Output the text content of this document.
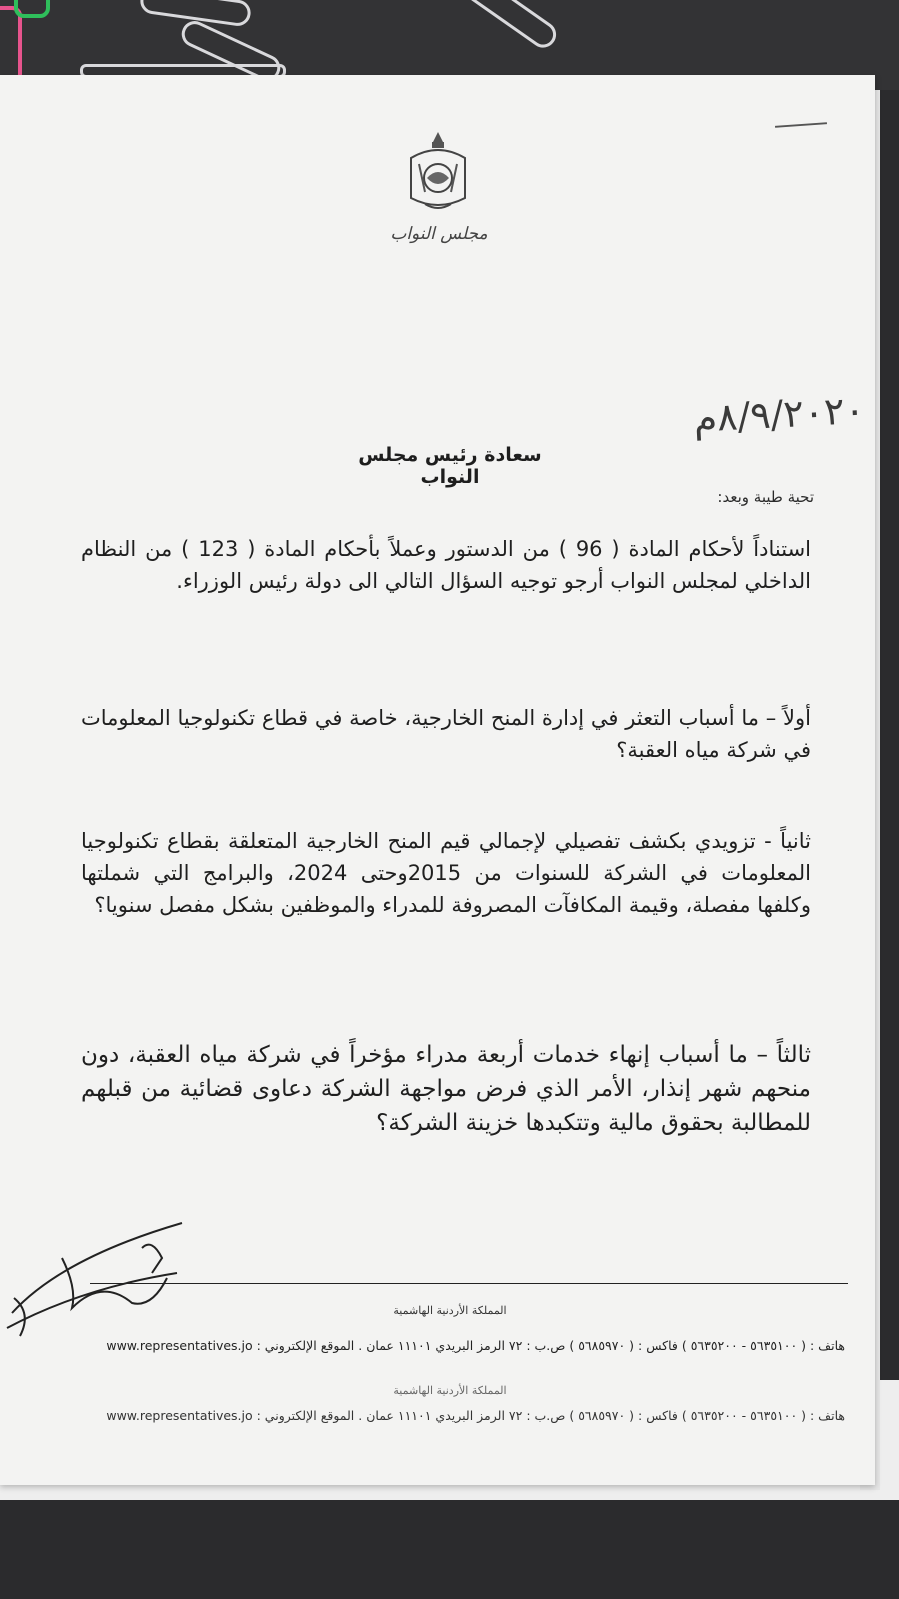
مجلس النواب
٨/٩/٢٠٢٠م
سعادة رئيس مجلس النواب
تحية طيبة وبعد:
استناداً لأحكام المادة ( 96 ) من الدستور وعملاً بأحكام المادة ( 123 ) من النظام الداخلي لمجلس النواب أرجو توجيه السؤال التالي الى دولة رئيس الوزراء.
أولاً – ما أسباب التعثر في إدارة المنح الخارجية، خاصة في قطاع تكنولوجيا المعلومات في شركة مياه العقبة؟
ثانياً - تزويدي بكشف تفصيلي لإجمالي قيم المنح الخارجية المتعلقة بقطاع تكنولوجيا المعلومات في الشركة للسنوات من 2015وحتى 2024، والبرامج التي شملتها وكلفها مفصلة، وقيمة المكافآت المصروفة للمدراء والموظفين بشكل مفصل سنويا؟
ثالثاً – ما أسباب إنهاء خدمات أربعة مدراء مؤخراً في شركة مياه العقبة، دون منحهم شهر إنذار، الأمر الذي فرض مواجهة الشركة دعاوى قضائية من قبلهم للمطالبة بحقوق مالية وتتكبدها خزينة الشركة؟
المملكة الأردنية الهاشمية
هاتف : ( ٥٦٣٥١٠٠ - ٥٦٣٥٢٠٠ ) فاكس : ( ٥٦٨٥٩٧٠ ) ص.ب : ٧٢ الرمز البريدي ١١١٠١ عمان . الموقع الإلكتروني : www.representatives.jo
المملكة الأردنية الهاشمية
هاتف : ( ٥٦٣٥١٠٠ - ٥٦٣٥٢٠٠ ) فاكس : ( ٥٦٨٥٩٧٠ ) ص.ب : ٧٢ الرمز البريدي ١١١٠١ عمان . الموقع الإلكتروني : www.representatives.jo
